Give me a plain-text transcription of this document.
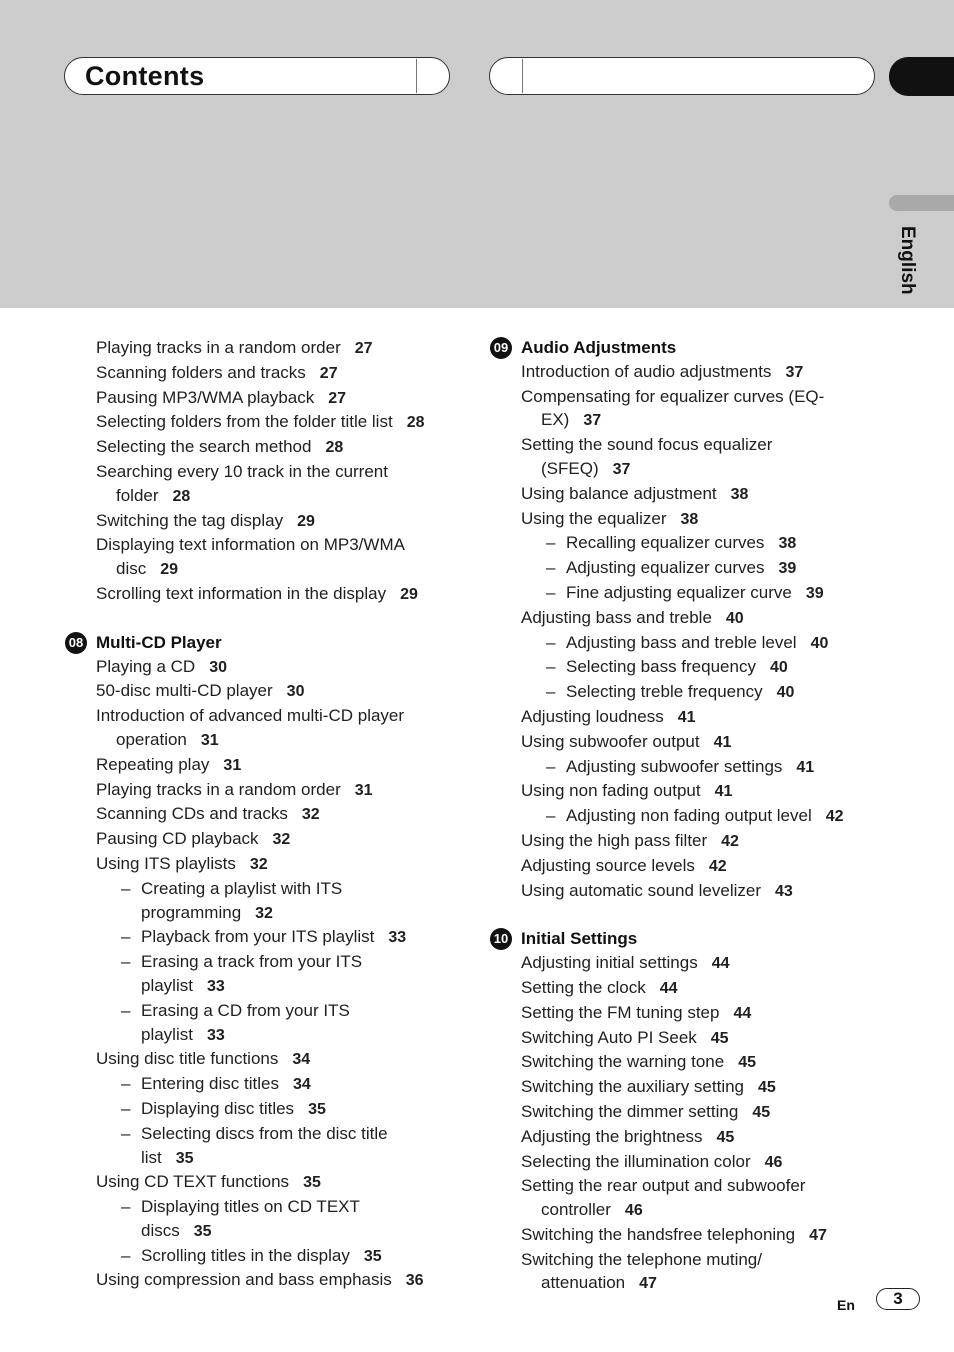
Contents
English
Playing tracks in a random order 27
Scanning folders and tracks 27
Pausing MP3/WMA playback 27
Selecting folders from the folder title list 28
Selecting the search method 28
Searching every 10 track in the current
folder 28
Switching the tag display 29
Displaying text information on MP3/WMA
disc 29
Scrolling text information in the display 29
08 Multi-CD Player
Playing a CD 30
50-disc multi-CD player 30
Introduction of advanced multi-CD player
operation 31
Repeating play 31
Playing tracks in a random order 31
Scanning CDs and tracks 32
Pausing CD playback 32
Using ITS playlists 32
– Creating a playlist with ITS
programming 32
– Playback from your ITS playlist 33
– Erasing a track from your ITS
playlist 33
– Erasing a CD from your ITS
playlist 33
Using disc title functions 34
– Entering disc titles 34
– Displaying disc titles 35
– Selecting discs from the disc title
list 35
Using CD TEXT functions 35
– Displaying titles on CD TEXT
discs 35
– Scrolling titles in the display 35
Using compression and bass emphasis 36
09 Audio Adjustments
Introduction of audio adjustments 37
Compensating for equalizer curves (EQ-
EX) 37
Setting the sound focus equalizer
(SFEQ) 37
Using balance adjustment 38
Using the equalizer 38
– Recalling equalizer curves 38
– Adjusting equalizer curves 39
– Fine adjusting equalizer curve 39
Adjusting bass and treble 40
– Adjusting bass and treble level 40
– Selecting bass frequency 40
– Selecting treble frequency 40
Adjusting loudness 41
Using subwoofer output 41
– Adjusting subwoofer settings 41
Using non fading output 41
– Adjusting non fading output level 42
Using the high pass filter 42
Adjusting source levels 42
Using automatic sound levelizer 43
10 Initial Settings
Adjusting initial settings 44
Setting the clock 44
Setting the FM tuning step 44
Switching Auto PI Seek 45
Switching the warning tone 45
Switching the auxiliary setting 45
Switching the dimmer setting 45
Adjusting the brightness 45
Selecting the illumination color 46
Setting the rear output and subwoofer
controller 46
Switching the handsfree telephoning 47
Switching the telephone muting/
attenuation 47
En	3
